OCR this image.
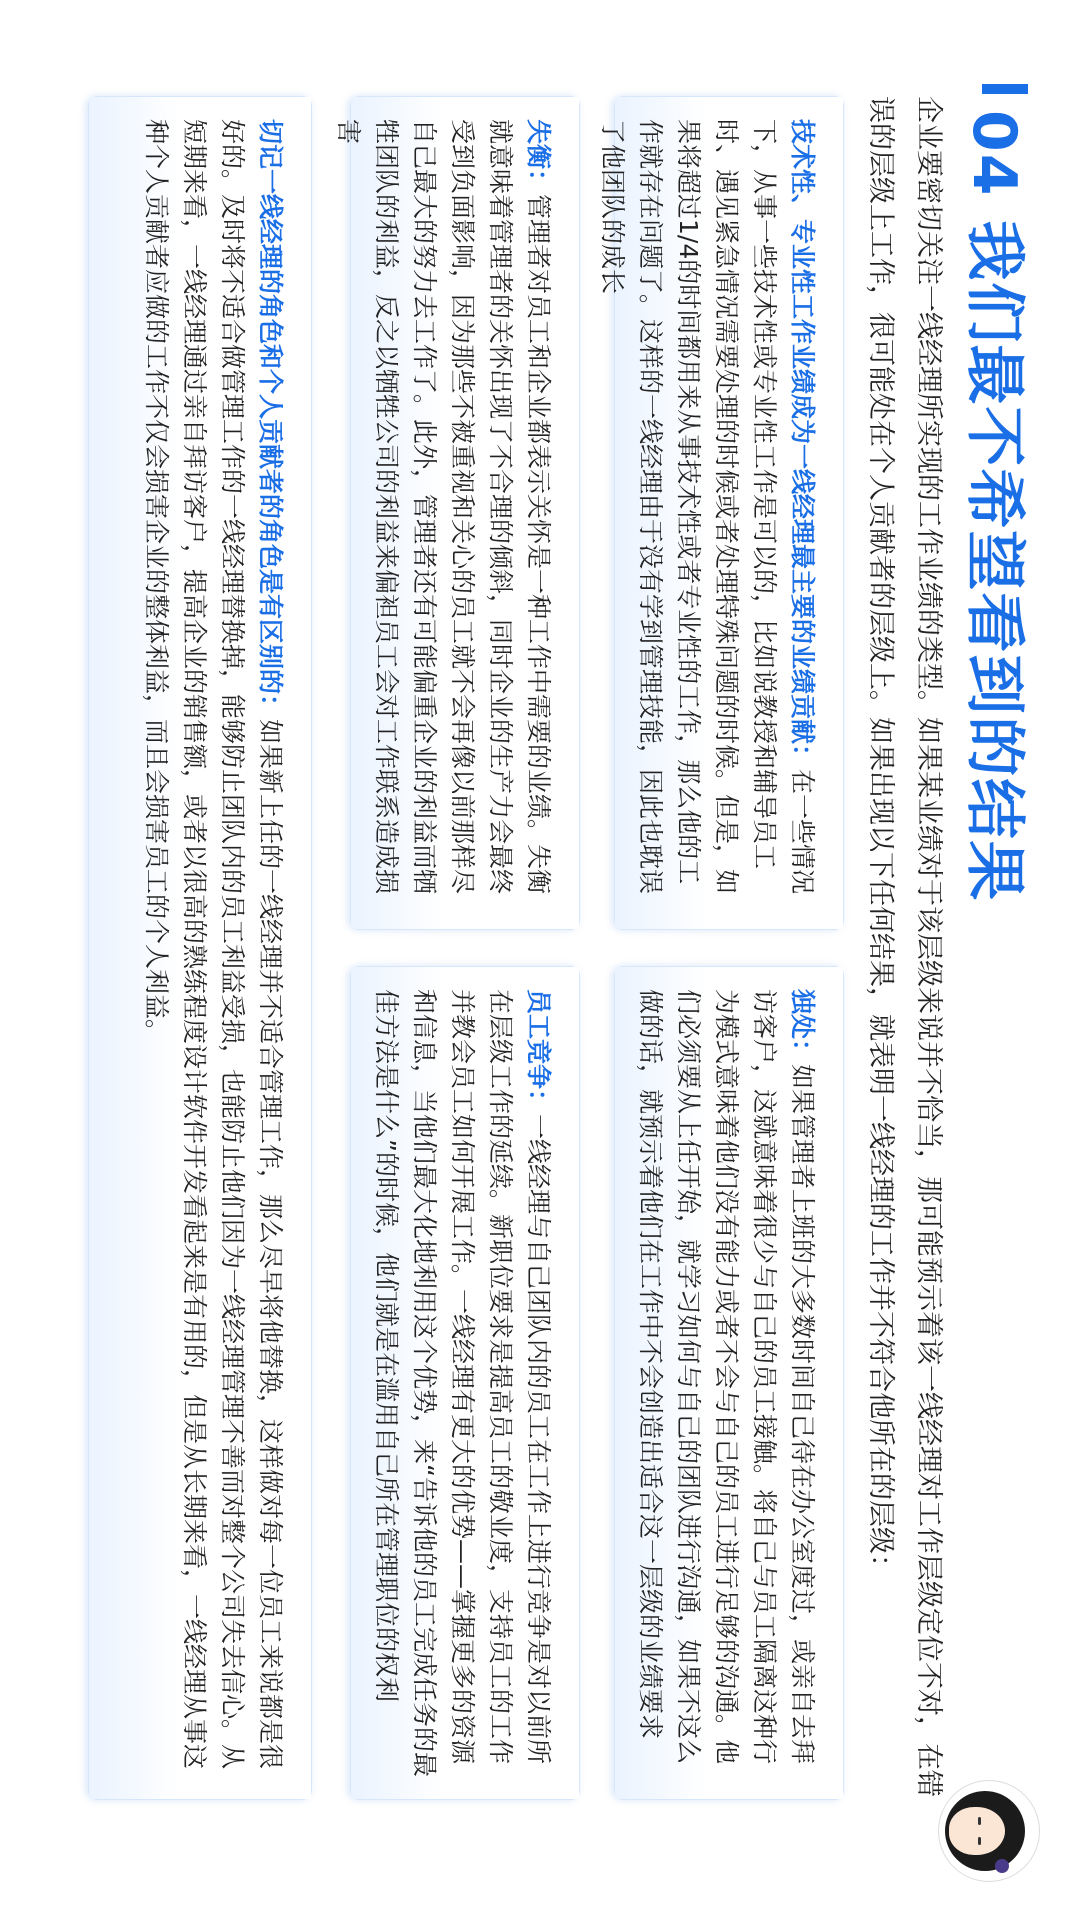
04 我们最不希望看到的结果
企业要密切关注一线经理所实现的工作业绩的类型。如果某业绩对于该层级来说并不恰当，那可能预示着该一线经理对工作层级定位不对，在错误的层级上工作，很可能处在个人贡献者的层级上。如果出现以下任何结果，就表明一线经理的工作并不符合他所在的层级：
技术性、专业性工作业绩成为一线经理最主要的业绩贡献：在一些情况下，从事一些技术性或专业性工作是可以的，比如说教授和辅导员工时、遇见紧急情况需要处理的时候或者处理特殊问题的时候。但是，如果将超过1/4的时间都用来从事技术性或者专业性的工作，那么他的工作就存在问题了。这样的一线经理由于没有学到管理技能，因此也耽误了他团队的成长
独处：如果管理者上班的大多数时间自己待在办公室度过，或亲自去拜访客户，这就意味着很少与自己的员工接触。将自己与员工隔离这种行为模式意味着他们没有能力或者不会与自己的员工进行足够的沟通。他们必须要从上任开始，就学习如何与自己的团队进行沟通，如果不这么做的话，就预示着他们在工作中不会创造出适合这一层级的业绩要求
失衡：管理者对员工和企业都表示关怀是一种工作中需要的业绩。失衡就意味着管理者的关怀出现了不合理的倾斜，同时企业的生产力会最终受到负面影响，因为那些不被重视和关心的员工就不会再像以前那样尽自己最大的努力去工作了。此外，管理者还有可能偏重企业的利益而牺牲团队的利益，反之以牺牲公司的利益来偏袒员工会对工作联系造成损害
员工竞争：一线经理与自己团队内的员工在工作上进行竞争是对以前所在层级工作的延续。新职位要求是提高员工的敬业度，支持员工的工作并教会员工如何开展工作。一线经理有更大的优势——掌握更多的资源和信息，当他们最大化地利用这个优势，来“告诉他的员工完成任务的最佳方法是什么”的时候，他们就是在滥用自己所在管理职位的权利
切记一线经理的角色和个人贡献者的角色是有区别的：如果新上任的一线经理并不适合管理工作，那么尽早将他替换，这样做对每一位员工来说都是很好的。及时将不适合做管理工作的一线经理替换掉，能够防止团队内的员工利益受损，也能防止他们因为一线经理管理不善而对整个公司失去信心。从短期来看，一线经理通过亲自拜访客户，提高企业的销售额，或者以很高的熟练程度设计软件开发看起来是有用的，但是从长期来看，一线经理从事这种个人贡献者应做的工作不仅会损害企业的整体利益，而且会损害员工的个人利益。
